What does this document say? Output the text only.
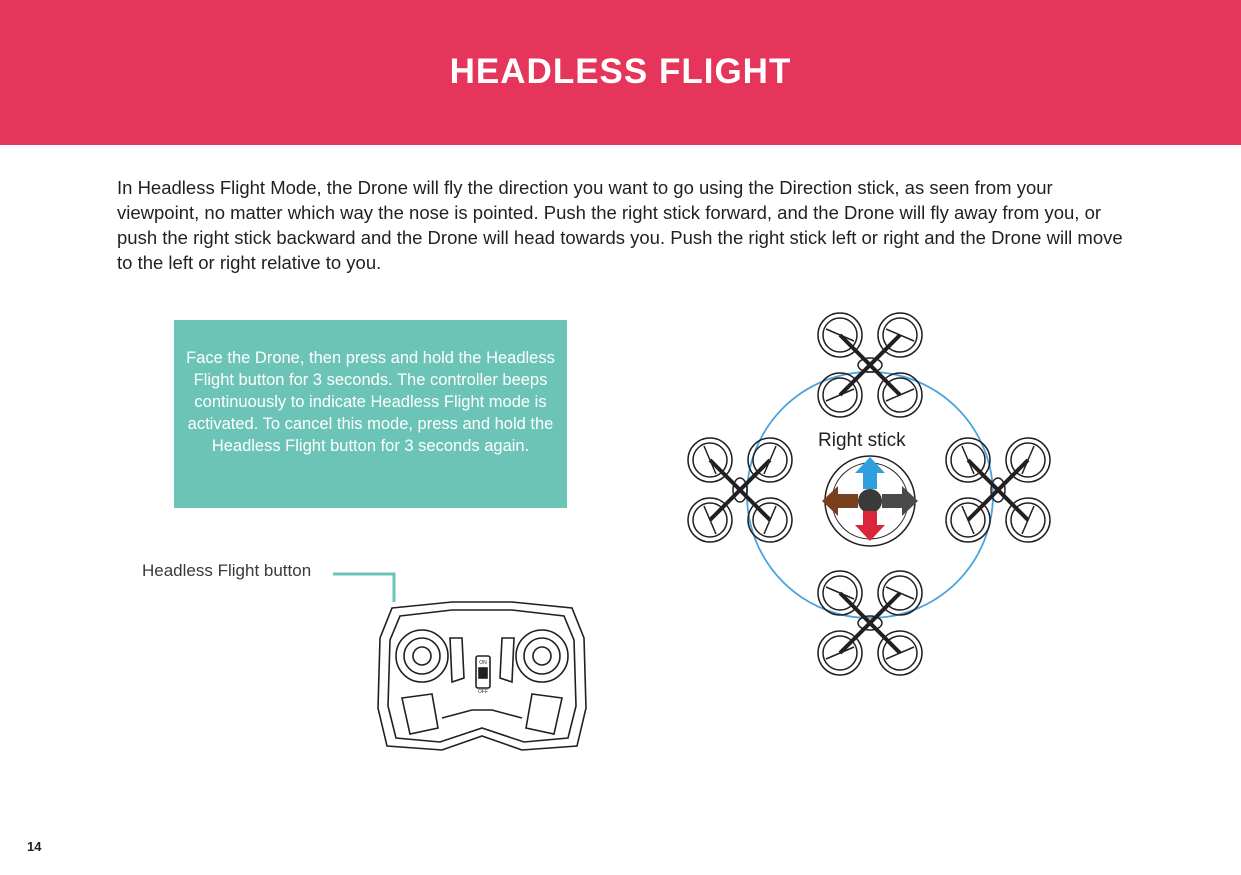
HEADLESS FLIGHT

In Headless Flight Mode, the Drone will fly the direction you want to go using the Direction stick, as seen from your viewpoint, no matter which way the nose is pointed. Push the right stick forward, and the Drone will fly away from you, or push the right stick backward and the Drone will head towards you. Push the right stick left or right and the Drone will move to the left or right relative to you.

Face the Drone, then press and hold the Headless Flight button for 3 seconds. The controller beeps continuously to indicate Headless Flight mode is activated. To cancel this mode, press and hold the Headless Flight button for 3 seconds again.
Headless Flight button
ON
OFF
Right stick
14
